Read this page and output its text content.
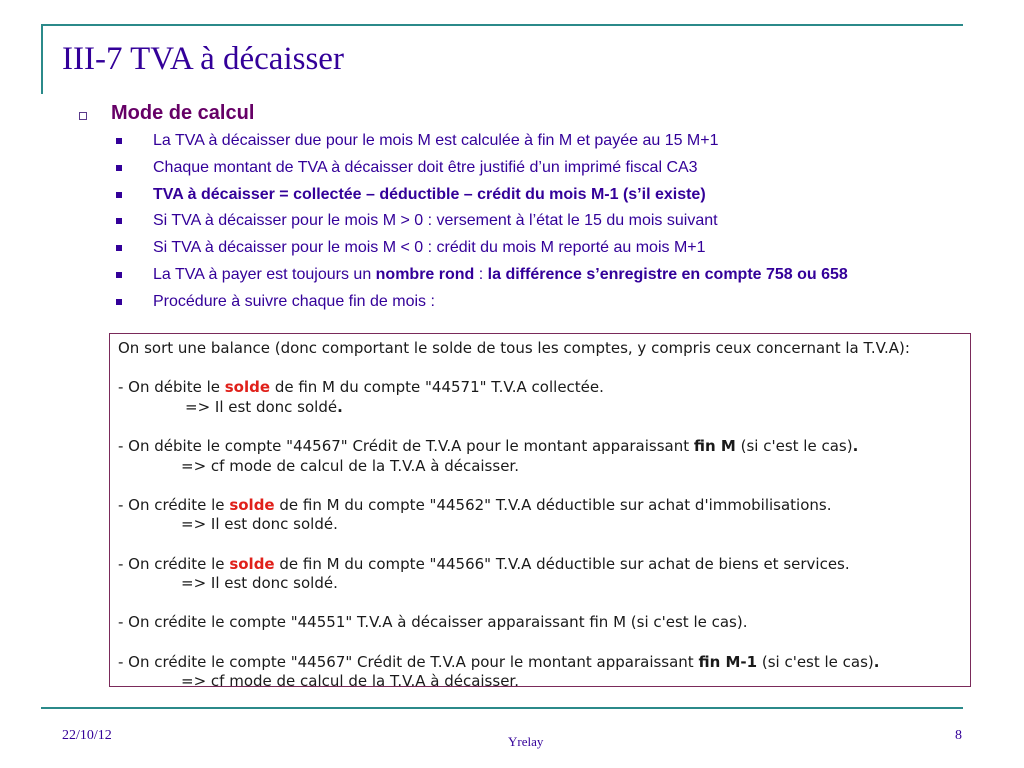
III-7 TVA à décaisser
Mode de calcul
La TVA à décaisser due pour le mois M est calculée à fin M et payée au 15 M+1
Chaque montant de TVA à décaisser doit être justifié d’un imprimé fiscal CA3
TVA à décaisser = collectée – déductible – crédit du mois M-1 (s’il existe)
Si TVA à décaisser pour le mois M > 0 : versement à l’état le 15 du mois suivant
Si TVA à décaisser pour le mois M < 0 : crédit du mois M reporté au mois M+1
La TVA à payer est toujours un nombre rond : la différence s’enregistre en compte 758 ou 658
Procédure à suivre chaque fin de mois :
On sort une balance (donc comportant le solde de tous les comptes, y compris ceux concernant la T.V.A):
- On débite le solde de fin M du compte "44571" T.V.A collectée.
=> Il est donc soldé.
- On débite le compte "44567" Crédit de T.V.A pour le montant apparaissant fin M (si c'est le cas).
=> cf mode de calcul de la T.V.A à décaisser.
- On crédite le solde de fin M du compte "44562" T.V.A déductible sur achat d'immobilisations.
=> Il est donc soldé.
- On crédite le solde de fin M du compte "44566" T.V.A déductible sur achat de biens et services.
=> Il est donc soldé.
- On crédite le compte "44551" T.V.A à décaisser apparaissant fin M (si c'est le cas).
- On crédite le compte "44567" Crédit de T.V.A pour le montant apparaissant fin M-1 (si c'est le cas).
=> cf mode de calcul de la T.V.A à décaisser.
22/10/12	Yrelay	8
